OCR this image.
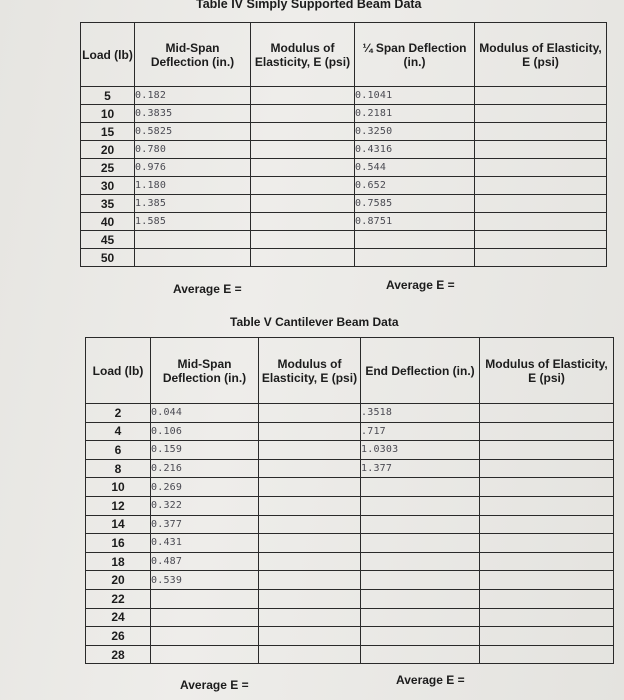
Table IV Simply Supported Beam Data
Load (lb)	Mid-Span Deflection (in.)	Modulus of Elasticity, E (psi)	¼ Span Deflection (in.)	Modulus of Elasticity, E (psi)
5	0.182		0.1041	
10	0.3835		0.2181	
15	0.5825		0.3250	
20	0.780		0.4316	
25	0.976		0.544	
30	1.180		0.652	
35	1.385		0.7585	
40	1.585		0.8751	
45				
50				
Average E =	Average E =
Table V Cantilever Beam Data
Load (lb)	Mid-Span Deflection (in.)	Modulus of Elasticity, E (psi)	End Deflection (in.)	Modulus of Elasticity, E (psi)
2	0.044		.3518	
4	0.106		.717	
6	0.159		1.0303	
8	0.216		1.377	
10	0.269			
12	0.322			
14	0.377			
16	0.431			
18	0.487			
20	0.539			
22				
24				
26				
28				
Average E =	Average E =
